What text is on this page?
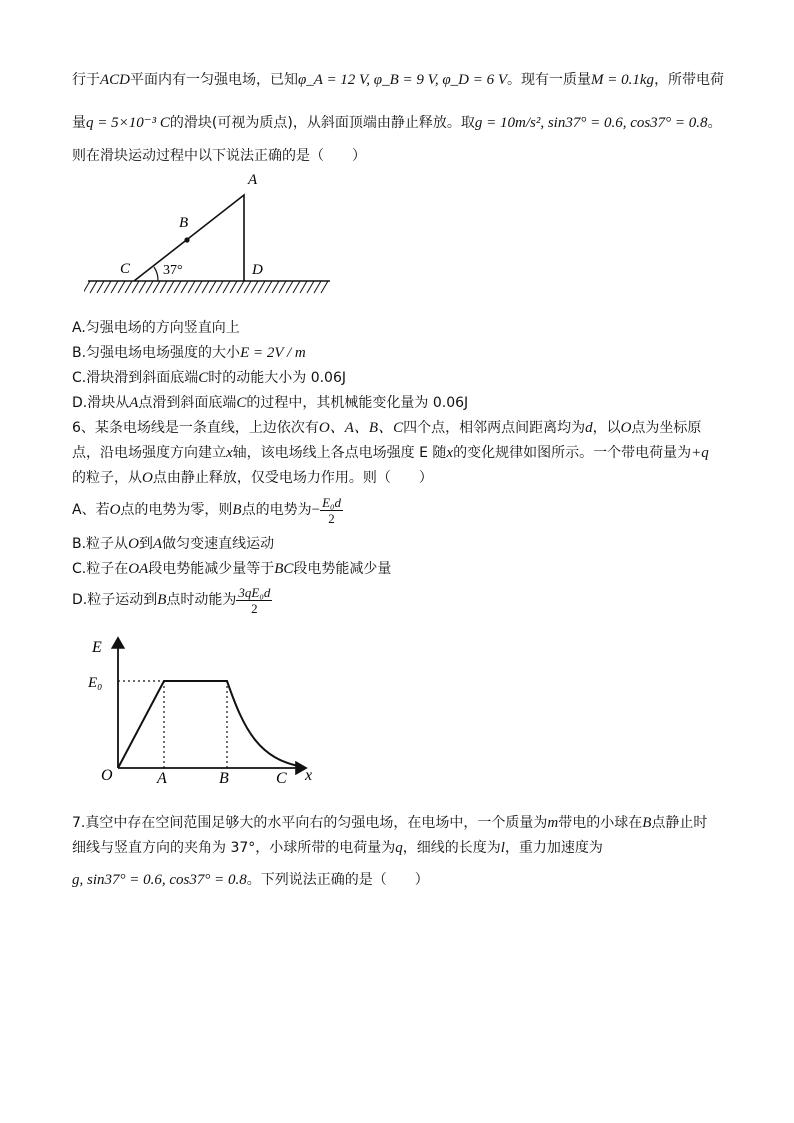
行于ACD平面内有一匀强电场，已知φ_A = 12 V, φ_B = 9 V, φ_D = 6 V。现有一质量M = 0.1kg，所带电荷
量q = 5×10⁻³ C的滑块(可视为质点)，从斜面顶端由静止释放。取g = 10m/s², sin37° = 0.6, cos37° = 0.8。
则在滑块运动过程中以下说法正确的是（　　）
A
B
C	D
37°
A.匀强电场的方向竖直向上
B.匀强电场电场强度的大小E = 2V / m
C.滑块滑到斜面底端C时的动能大小为 0.06J
D.滑块从A点滑到斜面底端C的过程中，其机械能变化量为 0.06J
6、某条电场线是一条直线，上边依次有O、A、B、C四个点，相邻两点间距离均为d，以O点为坐标原
点，沿电场强度方向建立x轴，该电场线上各点电场强度 E 随x的变化规律如图所示。一个带电荷量为+q
的粒子，从O点由静止释放，仅受电场力作用。则（　　）
A、若O点的电势为零，则B点的电势为− $\frac{\text{E₀d}}{2}$
B.粒子从O到A做匀变速直线运动
C.粒子在OA段电势能减少量等于BC段电势能减少量
D.粒子运动到B点时动能为 $\frac{\text{3qE₀d}}{2}$
E
E₀
O	A	B	C x
7.真空中存在空间范围足够大的水平向右的匀强电场，在电场中，一个质量为m带电的小球在B点静止时
细线与竖直方向的夹角为 37°，小球所带的电荷量为q，细线的长度为l，重力加速度为
g, sin37° = 0.6, cos37° = 0.8。下列说法正确的是（　　）
